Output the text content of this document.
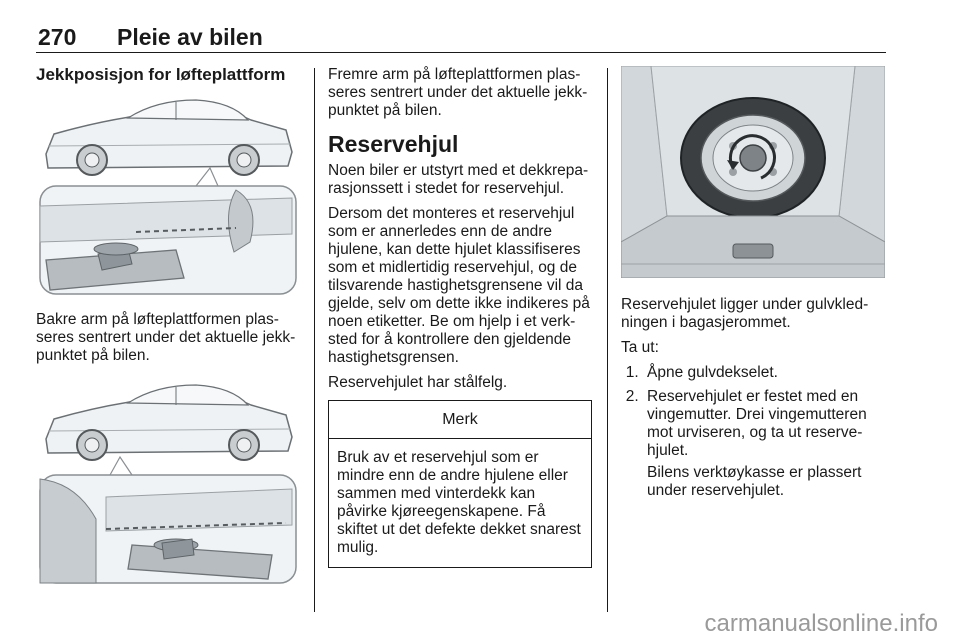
270 Pleie av bilen
Jekkposisjon for løfteplattform

Bakre arm på løfteplattformen plas-seres sentrert under det aktuelle jekk-punktet på bilen.

Fremre arm på løfteplattformen plas-seres sentrert under det aktuelle jekk-punktet på bilen.

Reservehjul

Noen biler er utstyrt med et dekkrepa-rasjonssett i stedet for reservehjul.

Dersom det monteres et reservehjul som er annerledes enn de andre hjulene, kan dette hjulet klassifiseres som et midlertidig reservehjul, og de tilsvarende hastighetsgrensene vil da gjelde, selv om dette ikke indikeres på noen etiketter. Be om hjelp i et verk-sted for å kontrollere den gjeldende hastighetsgrensen.

Reservehjulet har stålfelg.

Merk
Bruk av et reservehjul som er mindre enn de andre hjulene eller sammen med vinterdekk kan påvirke kjøreegenskapene. Få skiftet ut det defekte dekket snarest mulig.

Reservehjulet ligger under gulvkled-ningen i bagasjerommet.

Ta ut:

1. Åpne gulvdekselet.
2. Reservehjulet er festet med en vingemutter. Drei vingemutteren mot urviseren, og ta ut reserve-hjulet.
Bilens verktøykasse er plassert under reservehjulet.
carmanualsonline.info
